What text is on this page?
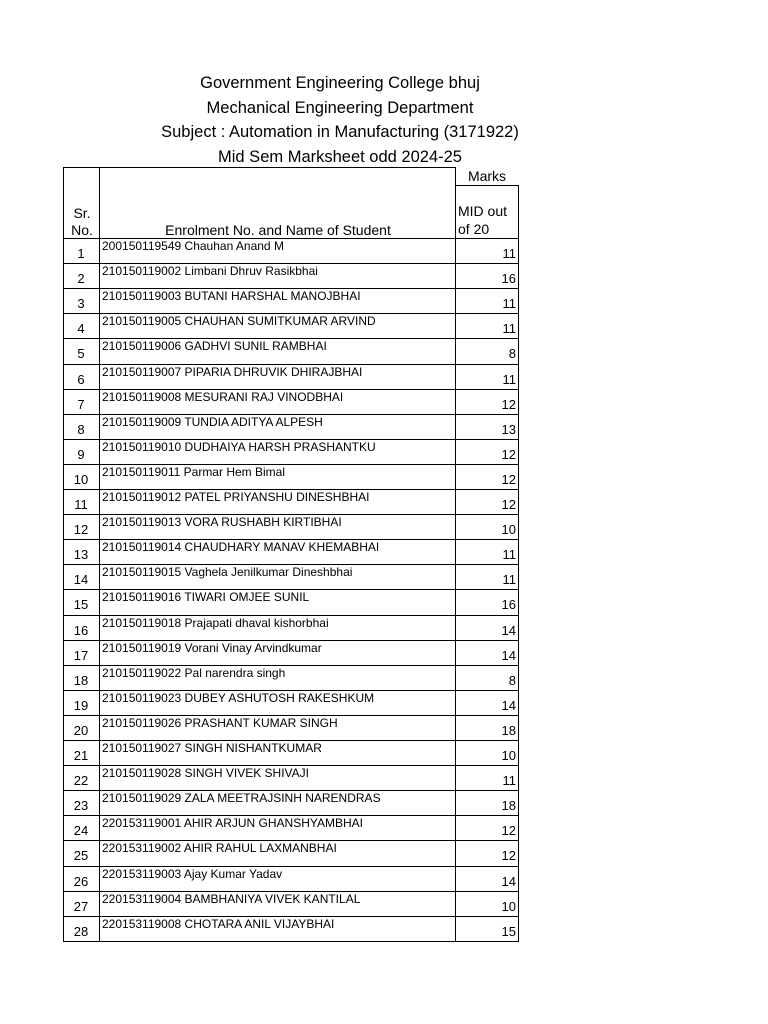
Government Engineering College bhuj
Mechanical Engineering Department
Subject : Automation in Manufacturing (3171922)
Mid Sem Marksheet odd 2024-25
Marks
Sr.
No.	Enrolment No. and Name of Student
MID out
of 20
1	200150119549 Chauhan Anand M	11
2	210150119002 Limbani Dhruv Rasikbhai	16
3	210150119003 BUTANI HARSHAL MANOJBHAI	11
4	210150119005 CHAUHAN SUMITKUMAR ARVIND	11
5	210150119006 GADHVI SUNIL RAMBHAI	8
6	210150119007 PIPARIA DHRUVIK DHIRAJBHAI	11
7	210150119008 MESURANI RAJ VINODBHAI	12
8	210150119009 TUNDIA ADITYA ALPESH	13
9	210150119010 DUDHAIYA HARSH PRASHANTKU	12
10	210150119011 Parmar Hem Bimal	12
11	210150119012 PATEL PRIYANSHU DINESHBHAI	12
12	210150119013 VORA RUSHABH KIRTIBHAI	10
13	210150119014 CHAUDHARY MANAV KHEMABHAI	11
14	210150119015 Vaghela Jenilkumar Dineshbhai	11
15	210150119016 TIWARI OMJEE SUNIL	16
16	210150119018 Prajapati dhaval kishorbhai	14
17	210150119019 Vorani Vinay Arvindkumar	14
18	210150119022 Pal narendra singh	8
19	210150119023 DUBEY ASHUTOSH RAKESHKUM	14
20	210150119026 PRASHANT KUMAR SINGH	18
21	210150119027 SINGH NISHANTKUMAR	10
22	210150119028 SINGH VIVEK SHIVAJI	11
23	210150119029 ZALA MEETRAJSINH NARENDRAS	18
24	220153119001 AHIR ARJUN GHANSHYAMBHAI	12
25	220153119002 AHIR RAHUL LAXMANBHAI	12
26	220153119003 Ajay Kumar Yadav	14
27	220153119004 BAMBHANIYA VIVEK KANTILAL	10
28	220153119008 CHOTARA ANIL VIJAYBHAI	15
